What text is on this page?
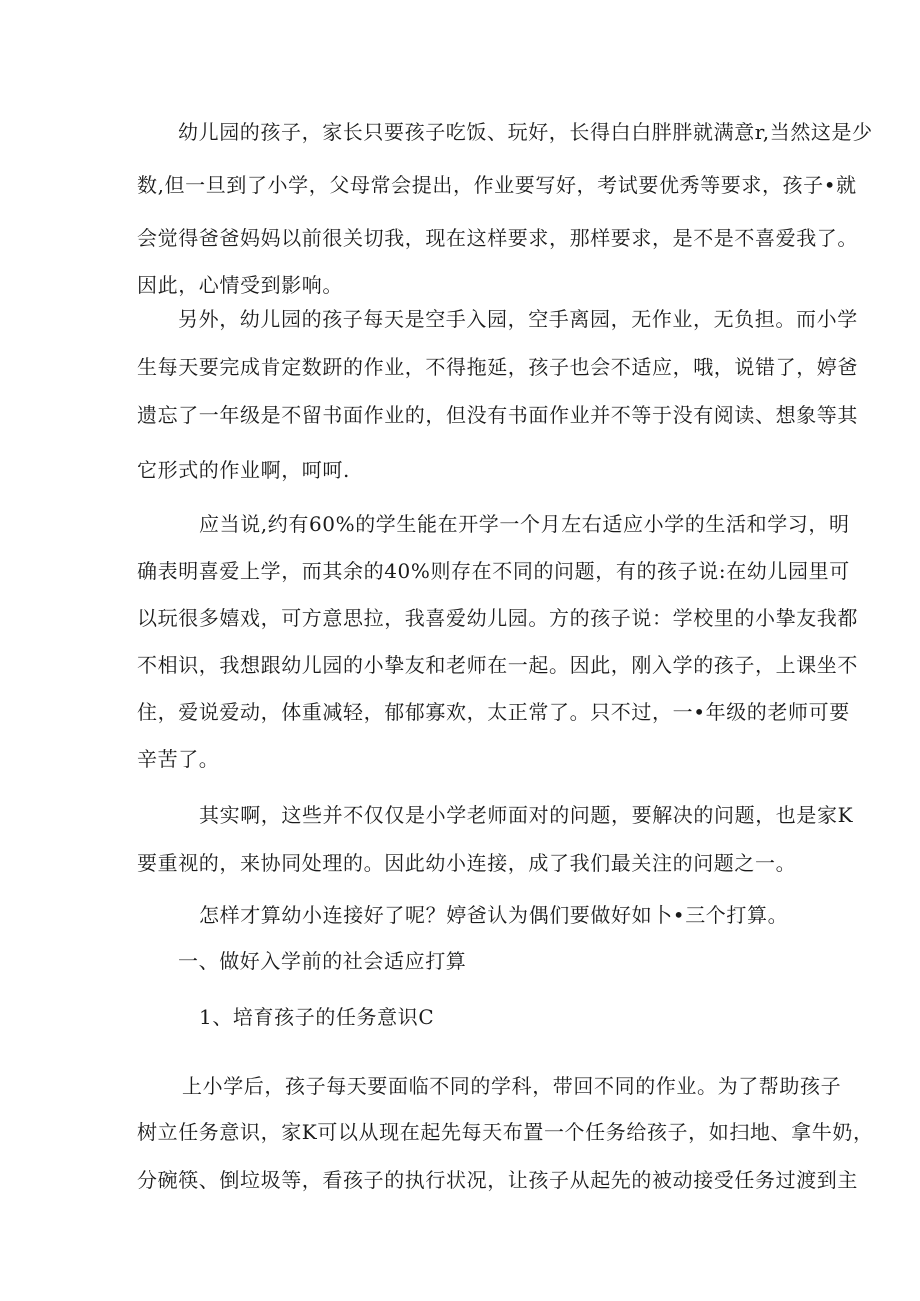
幼儿园的孩子，家长只要孩子吃饭、玩好，长得白白胖胖就满意r,当然这是少
数,但一旦到了小学，父母常会提出，作业要写好，考试要优秀等要求，孩子•就
会觉得爸爸妈妈以前很关切我，现在这样要求，那样要求，是不是不喜爱我了。
因此，心情受到影响。
另外，幼儿园的孩子每天是空手入园，空手离园，无作业，无负担。而小学
生每天要完成肯定数趼的作业，不得拖延，孩子也会不适应，哦，说错了，婷爸
遗忘了一年级是不留书面作业的，但没有书面作业并不等于没有阅读、想象等其
它形式的作业啊，呵呵.
应当说,约有60%的学生能在开学一个月左右适应小学的生活和学习，明
确表明喜爱上学，而其余的40%则存在不同的问题，有的孩子说:在幼儿园里可
以玩很多嬉戏，可方意思拉，我喜爱幼儿园。方的孩子说：学校里的小挚友我都
不相识，我想跟幼儿园的小挚友和老师在一起。因此，刚入学的孩子，上课坐不
住，爱说爱动，体重减轻，郁郁寡欢，太正常了。只不过，一•年级的老师可要
辛苦了。
其实啊，这些并不仅仅是小学老师面对的问题，要解决的问题，也是家K
要重视的，来协同处理的。因此幼小连接，成了我们最关注的问题之一。
怎样才算幼小连接好了呢？婷爸认为偶们要做好如卜•三个打算。
一、做好入学前的社会适应打算
1、培育孩子的任务意识C
上小学后，孩子每天要面临不同的学科，带回不同的作业。为了帮助孩子
树立任务意识，家K可以从现在起先每天布置一个任务给孩子，如扫地、拿牛奶，
分碗筷、倒垃圾等，看孩子的执行状况，让孩子从起先的被动接受任务过渡到主
